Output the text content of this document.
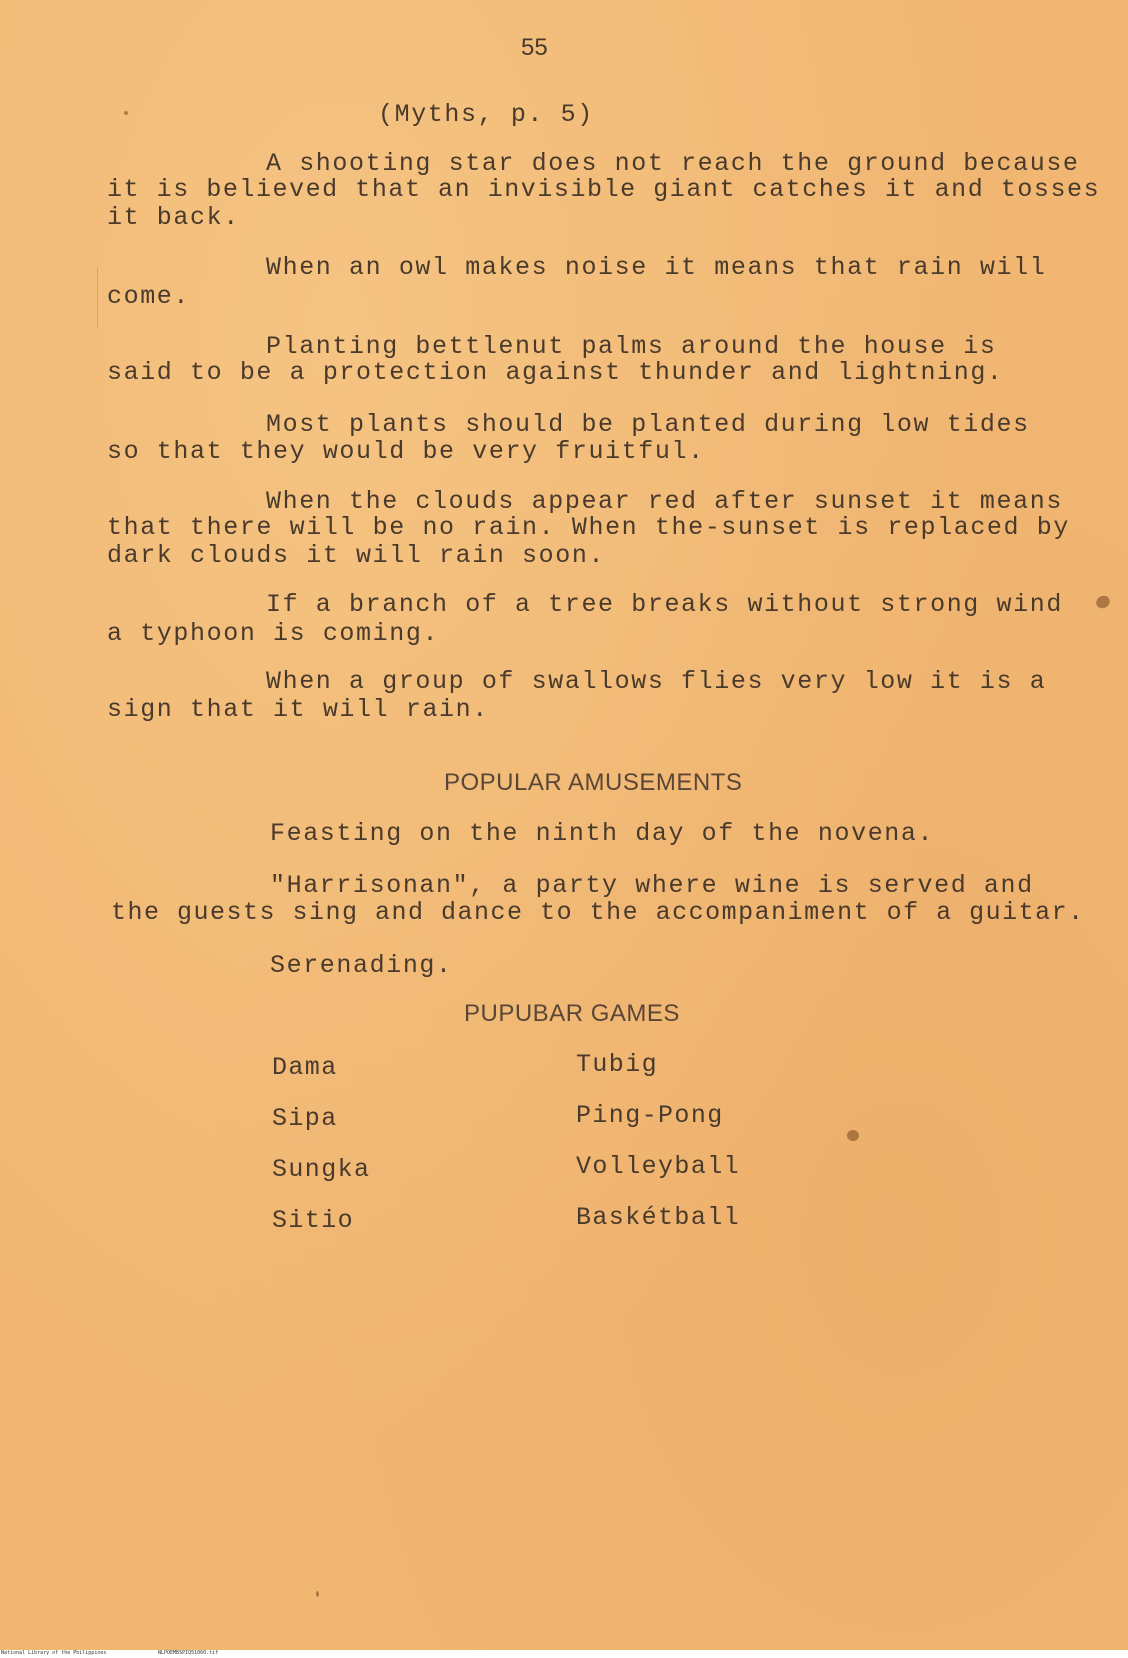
55
(Myths, p. 5)
A shooting star does not reach the ground because
it is believed that an invisible giant catches it and tosses
it back.
When an owl makes noise it means that rain will
come.
Planting bettlenut palms around the house is
said to be a protection against thunder and lightning.
Most plants should be planted during low tides
so that they would be very fruitful.
When the clouds appear red after sunset it means
that there will be no rain. When the-sunset is replaced by
dark clouds it will rain soon.
If a branch of a tree breaks without strong wind
a typhoon is coming.
When a group of swallows flies very low it is a
sign that it will rain.
POPULAR AMUSEMENTS
Feasting on the ninth day of the novena.
"Harrisonan", a party where wine is served and
the guests sing and dance to the accompaniment of a guitar.
Serenading.
PUPUBAR GAMES
Dama
Sipa
Sungka
Sitio
Tubig
Ping-Pong
Volleyball
Baskétball
National Library of the Philippines	NLPOEMBSPIQ51060.tif
